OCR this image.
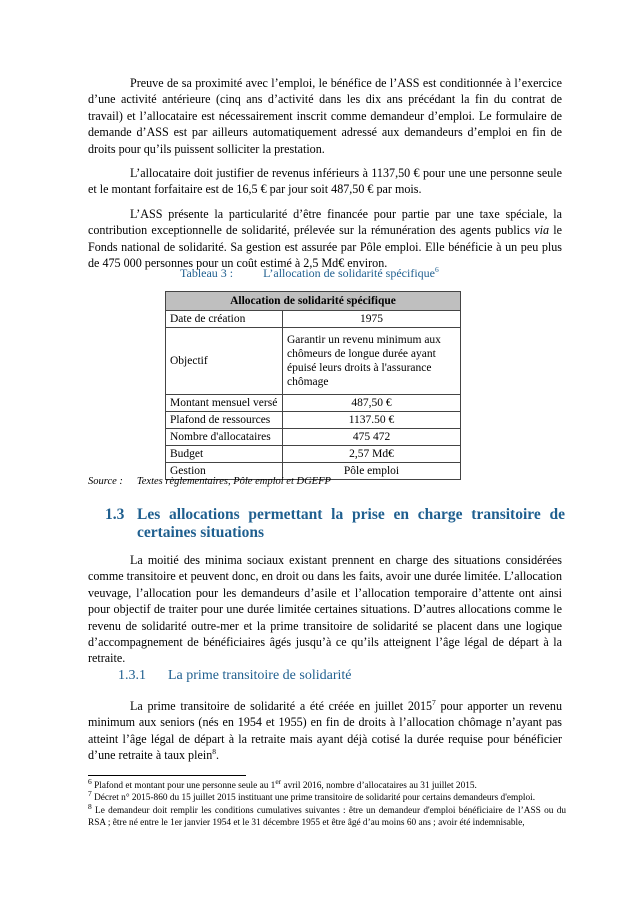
Preuve de sa proximité avec l’emploi, le bénéfice de l’ASS est conditionnée à l’exercice d’une activité antérieure (cinq ans d’activité dans les dix ans précédant la fin du contrat de travail) et l’allocataire est nécessairement inscrit comme demandeur d’emploi. Le formulaire de demande d’ASS est par ailleurs automatiquement adressé aux demandeurs d’emploi en fin de droits pour qu’ils puissent solliciter la prestation.

L’allocataire doit justifier de revenus inférieurs à 1137,50 € pour une une personne seule et le montant forfaitaire est de 16,5 € par jour soit 487,50 € par mois.

L’ASS présente la particularité d’être financée pour partie par une taxe spéciale, la contribution exceptionnelle de solidarité, prélevée sur la rémunération des agents publics via le Fonds national de solidarité. Sa gestion est assurée par Pôle emploi. Elle bénéficie à un peu plus de 475 000 personnes pour un coût estimé à 2,5 Md€ environ.

Tableau 3 :	L’allocation de solidarité spécifique$^6$
Allocation de solidarité spécifique	
Date de création	1975
Objectif	Garantir un revenu minimum aux chômeurs de longue durée ayant épuisé leurs droits à l'assurance chômage
Montant mensuel versé	487,50 €
Plafond de ressources	1137.50 €
Nombre d'allocataires	475 472
Budget	2,57 Md€
Gestion	Pôle emploi
Source : Textes règlementaires, Pôle emploi et DGEFP
1.3 Les allocations permettant la prise en charge transitoire de certaines situations

La moitié des minima sociaux existant prennent en charge des situations considérées comme transitoire et peuvent donc, en droit ou dans les faits, avoir une durée limitée. L’allocation veuvage, l’allocation pour les demandeurs d’asile et l’allocation temporaire d’attente ont ainsi pour objectif de traiter pour une durée limitée certaines situations. D’autres allocations comme le revenu de solidarité outre-mer et la prime transitoire de solidarité se placent dans une logique d’accompagnement de bénéficiaires âgés jusqu’à ce qu’ils atteignent l’âge légal de départ à la retraite.

1.3.1 La prime transitoire de solidarité

La prime transitoire de solidarité a été créée en juillet 2015$^7$ pour apporter un revenu minimum aux seniors (nés en 1954 et 1955) en fin de droits à l’allocation chômage n’ayant pas atteint l’âge légal de départ à la retraite mais ayant déjà cotisé la durée requise pour bénéficier d’une retraite à taux plein$^8$.

$^6$ Plafond et montant pour une personne seule au 1er avril 2016, nombre d’allocataires au 31 juillet 2015.

$^7$ Décret n° 2015-860 du 15 juillet 2015 instituant une prime transitoire de solidarité pour certains demandeurs d'emploi.

$^8$ Le demandeur doit remplir les conditions cumulatives suivantes : être un demandeur d'emploi bénéficiaire de l’ASS ou du RSA ; être né entre le 1er janvier 1954 et le 31 décembre 1955 et être âgé d’au moins 60 ans ; avoir été indemnisable,
